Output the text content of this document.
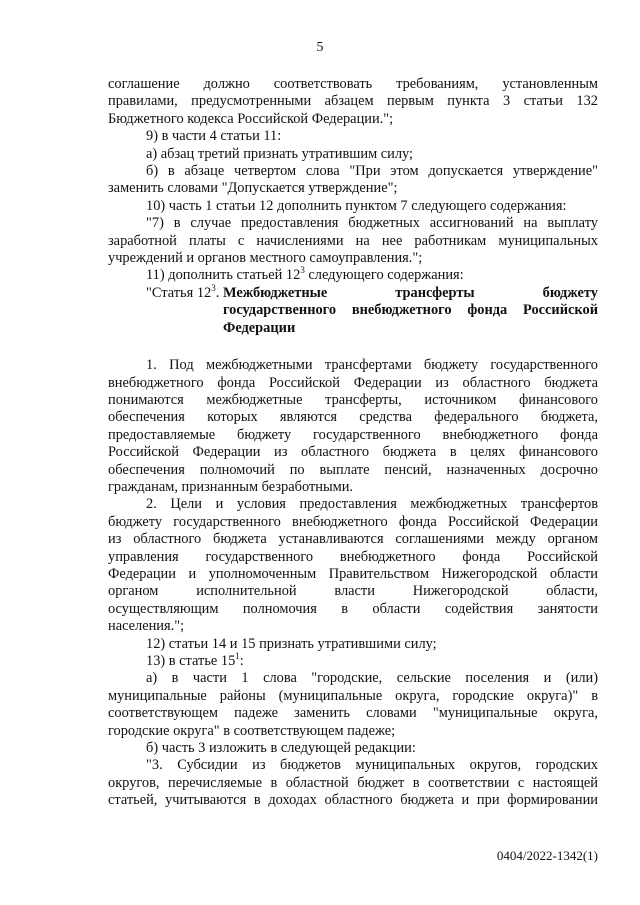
5

соглашение должно соответствовать требованиям, установленным

правилами, предусмотренными абзацем первым пункта 3 статьи 132

Бюджетного кодекса Российской Федерации.";

9) в части 4 статьи 11:

а) абзац третий признать утратившим силу;

б) в абзаце четвертом слова "При этом допускается утверждение"

заменить словами "Допускается утверждение";

10) часть 1 статьи 12 дополнить пунктом 7 следующего содержания:

"7) в случае предоставления бюджетных ассигнований на выплату

заработной платы с начислениями на нее работникам муниципальных

учреждений и органов местного самоуправления.";

11) дополнить статьей $12^3$ следующего содержания:

"Статья $12^3$. Межбюджетные трансферты бюджету
государственного внебюджетного фонда Российской
Федерации

1. Под межбюджетными трансфертами бюджету государственного

внебюджетного фонда Российской Федерации из областного бюджета

понимаются межбюджетные трансферты, источником финансового

обеспечения которых являются средства федерального бюджета,

предоставляемые бюджету государственного внебюджетного фонда

Российской Федерации из областного бюджета в целях финансового

обеспечения полномочий по выплате пенсий, назначенных досрочно

гражданам, признанным безработными.

2. Цели и условия предоставления межбюджетных трансфертов

бюджету государственного внебюджетного фонда Российской Федерации

из областного бюджета устанавливаются соглашениями между органом

управления государственного внебюджетного фонда Российской

Федерации и уполномоченным Правительством Нижегородской области

органом исполнительной власти Нижегородской области,

осуществляющим полномочия в области содействия занятости

населения.";

12) статьи 14 и 15 признать утратившими силу;

13) в статье $15^1$:

а) в части 1 слова "городские, сельские поселения и (или)

муниципальные районы (муниципальные округа, городские округа)" в

соответствующем падеже заменить словами "муниципальные округа,

городские округа" в соответствующем падеже;

б) часть 3 изложить в следующей редакции:

"3. Субсидии из бюджетов муниципальных округов, городских

округов, перечисляемые в областной бюджет в соответствии с настоящей

статьей, учитываются в доходах областного бюджета и при формировании

0404/2022-1342(1)
